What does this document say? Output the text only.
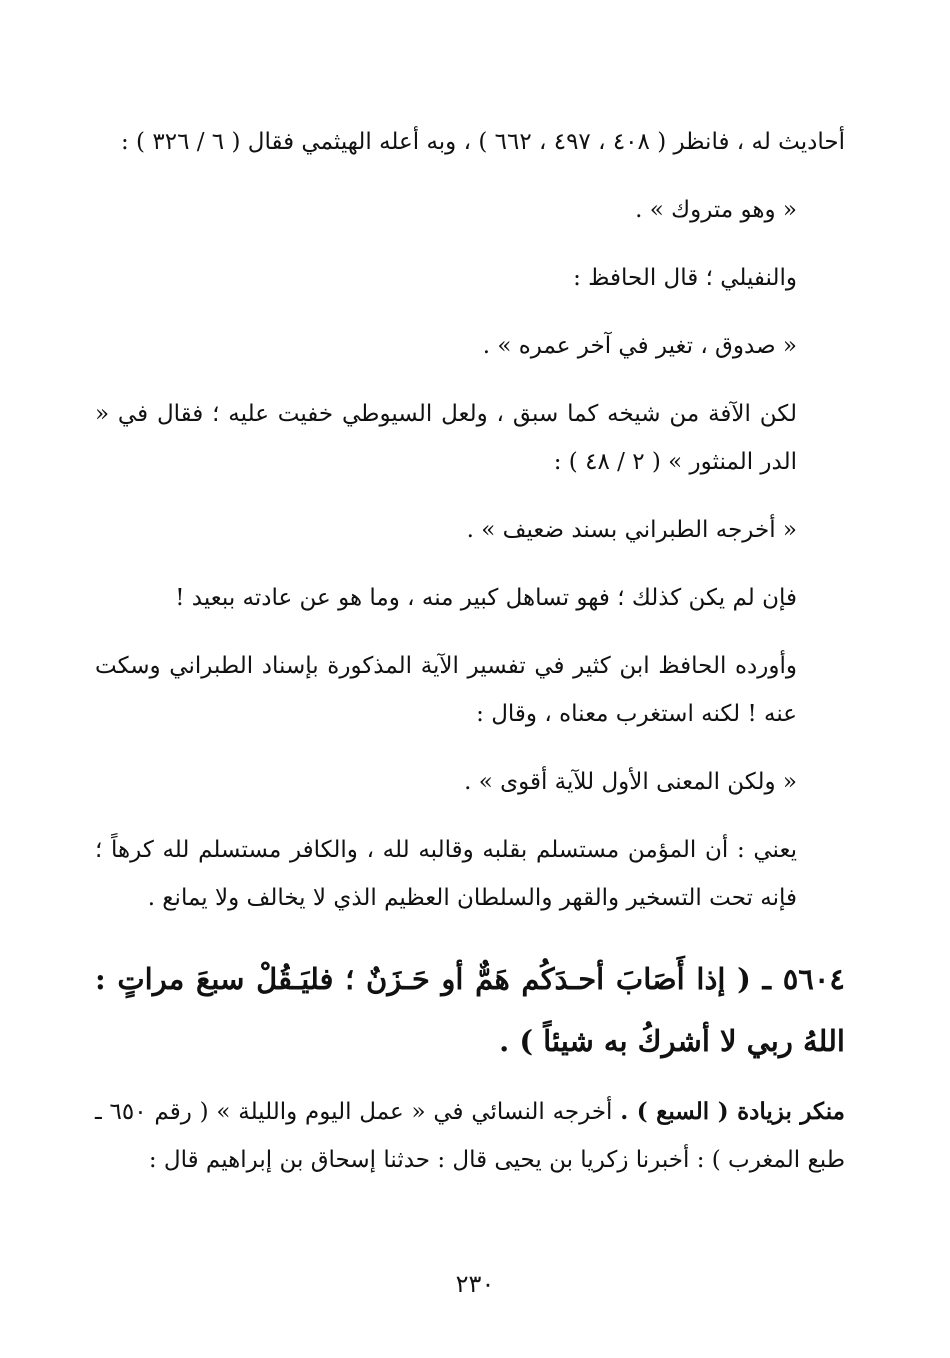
أحاديث له ، فانظر ( ٤٠٨ ، ٤٩٧ ، ٦٦٢ ) ، وبه أعله الهيثمي فقال ( ٦ / ٣٢٦ ) :

« وهو متروك » .

والنفيلي ؛ قال الحافظ :

« صدوق ، تغير في آخر عمره » .

لكن الآفة من شيخه كما سبق ، ولعل السيوطي خفيت عليه ؛ فقال في « الدر المنثور » ( ٢ / ٤٨ ) :

« أخرجه الطبراني بسند ضعيف » .

فإن لم يكن كذلك ؛ فهو تساهل كبير منه ، وما هو عن عادته ببعيد !

وأورده الحافظ ابن كثير في تفسير الآية المذكورة بإسناد الطبراني وسكت عنه ! لكنه استغرب معناه ، وقال :

« ولكن المعنى الأول للآية أقوى » .

يعني : أن المؤمن مستسلم بقلبه وقالبه لله ، والكافر مستسلم لله كرهاً ؛ فإنه تحت التسخير والقهر والسلطان العظيم الذي لا يخالف ولا يمانع .

٥٦٠٤ ـ ( إذا أَصَابَ أحـدَكُم هَمٌّ أو حَـزَنٌ ؛ فليَـقُلْ سبعَ مراتٍ : اللهُ ربي لا أشركُ به شيئاً ) .

منكر بزيادة ( السبع ) . أخرجه النسائي في « عمل اليوم والليلة » ( رقم ٦٥٠ ـ طبع المغرب ) : أخبرنا زكريا بن يحيى قال : حدثنا إسحاق بن إبراهيم قال :

٢٣٠
